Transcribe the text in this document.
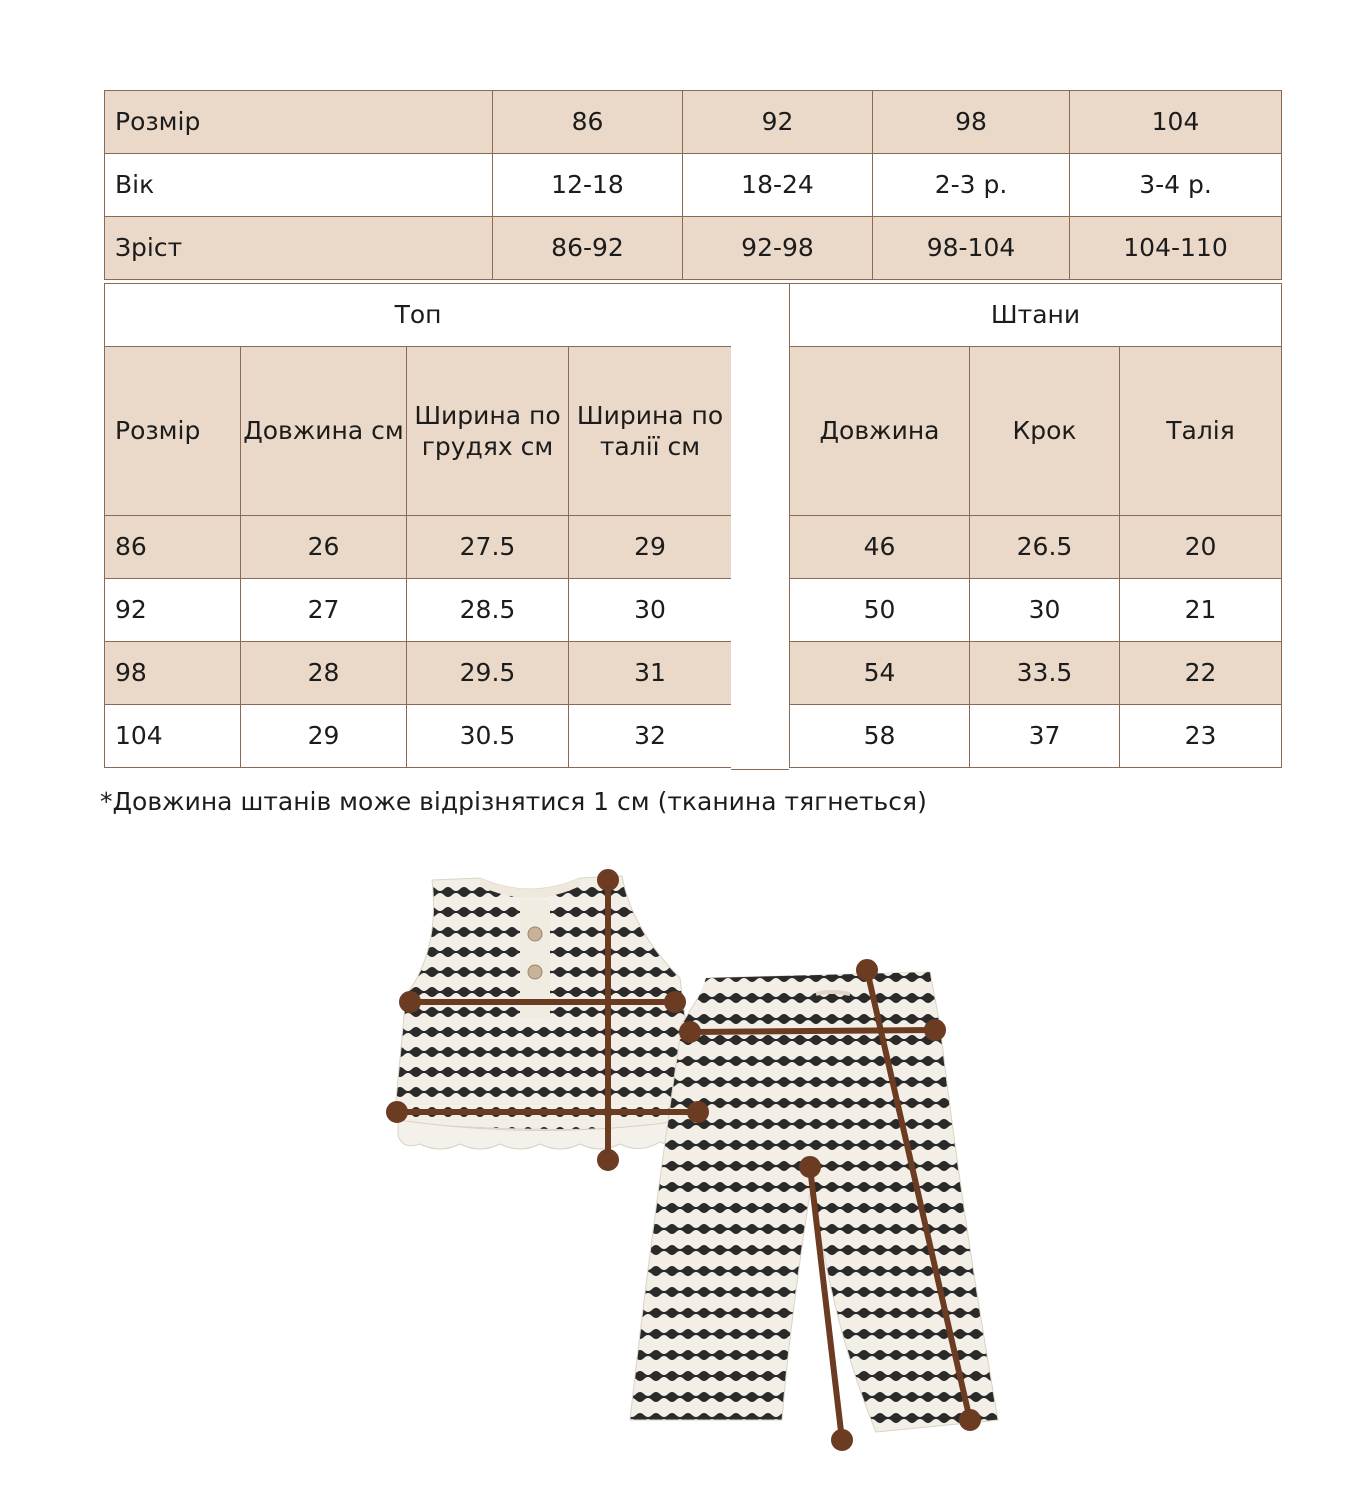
Розмір	86	92	98	104
Вік	12-18	18-24	2-3 р.	3-4 р.
Зріст	86-92	92-98	98-104	104-110
Топ			
Розмір	Довжина см	Ширина по грудях см	Ширина по талії см
86	26	27.5	29
92	27	28.5	30
98	28	29.5	31
104	29	30.5	32
Штани		
Довжина	Крок	Талія
46	26.5	20
50	30	21
54	33.5	22
58	37	23
*Довжина штанів може відрізнятися 1 см (тканина тягнеться)
